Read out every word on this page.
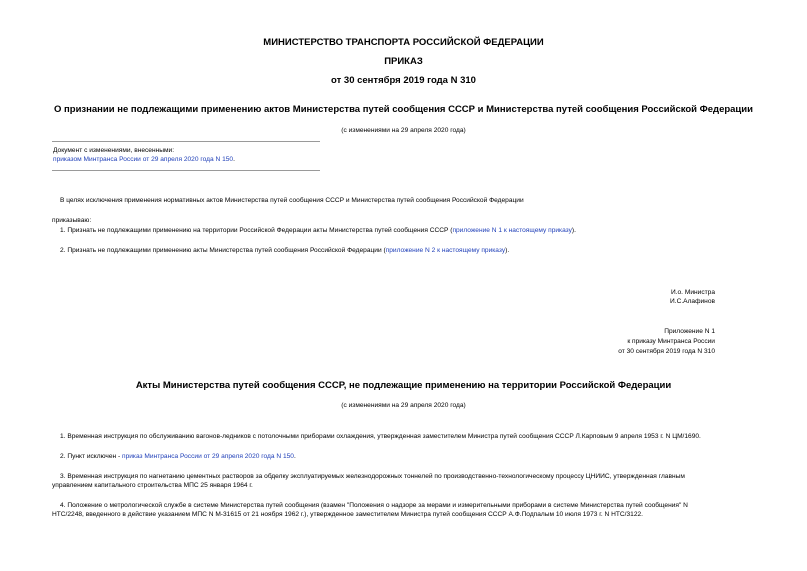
МИНИСТЕРСТВО ТРАНСПОРТА РОССИЙСКОЙ ФЕДЕРАЦИИ
ПРИКАЗ
от 30 сентября 2019 года N 310
О признании не подлежащими применению актов Министерства путей сообщения СССР и Министерства путей сообщения Российской Федерации
(с изменениями на 29 апреля 2020 года)
Документ с изменениями, внесенными:
приказом Минтранса России от 29 апреля 2020 года N 150.
В целях исключения применения нормативных актов Министерства путей сообщения СССР и Министерства путей сообщения Российской Федерации
приказываю:
1. Признать не подлежащими применению на территории Российской Федерации акты Министерства путей сообщения СССР (приложение N 1 к настоящему приказу).
2. Признать не подлежащими применению акты Министерства путей сообщения Российской Федерации (приложение N 2 к настоящему приказу).
И.о. Министра
И.С.Алафинов
Приложение N 1
к приказу Минтранса России
от 30 сентября 2019 года N 310
Акты Министерства путей сообщения СССР, не подлежащие применению на территории Российской Федерации
(с изменениями на 29 апреля 2020 года)
1. Временная инструкция по обслуживанию вагонов-ледников с потолочными приборами охлаждения, утвержденная заместителем Министра путей сообщения СССР Л.Карповым 9 апреля 1953 г. N ЦМ/1690.
2. Пункт исключен - приказ Минтранса России от 29 апреля 2020 года N 150.
3. Временная инструкция по нагнетанию цементных растворов за обделку эксплуатируемых железнодорожных тоннелей по производственно-технологическому процессу ЦНИИС, утвержденная главным
управлением капитального строительства МПС 25 января 1964 г.
4. Положение о метрологической службе в системе Министерства путей сообщения (взамен "Положения о надзоре за мерами и измерительными приборами в системе Министерства путей сообщения" N
НТС/2248, введенного в действие указанием МПС N М-31615 от 21 ноября 1962 г.), утвержденное заместителем Министра путей сообщения СССР А.Ф.Подпалым 10 июля 1973 г. N НТС/3122.
